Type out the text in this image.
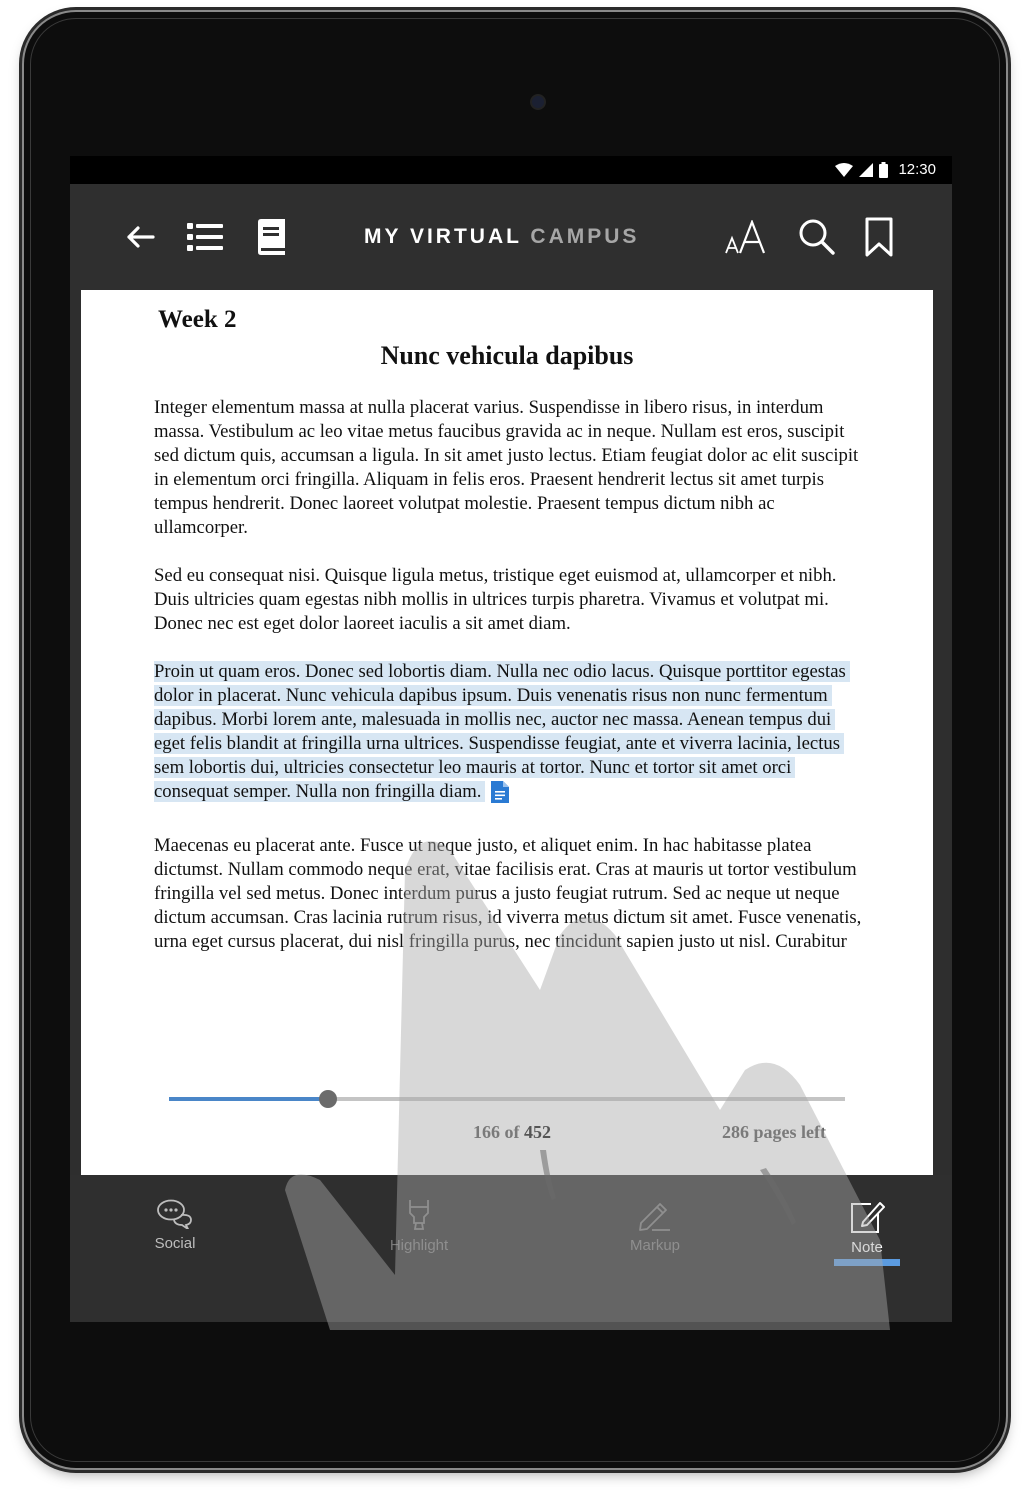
12:30
MY VIRTUAL CAMPUS
Week 2
Nunc vehicula dapibus

Integer elementum massa at nulla placerat varius. Suspendisse in libero risus, in interdum massa. Vestibulum ac leo vitae metus faucibus gravida ac in neque. Nullam est eros, suscipit sed dictum quis, accumsan a ligula. In sit amet justo lectus. Etiam feugiat dolor ac elit suscipit in elementum orci fringilla. Aliquam in felis eros. Praesent hendrerit lectus sit amet turpis tempus hendrerit. Donec laoreet volutpat molestie. Praesent tempus dictum nibh ac ullamcorper.

Sed eu consequat nisi. Quisque ligula metus, tristique eget euismod at, ullamcorper et nibh. Duis ultricies quam egestas nibh mollis in ultrices turpis pharetra. Vivamus et volutpat mi. Donec nec est eget dolor laoreet iaculis a sit amet diam.

Proin ut quam eros. Donec sed lobortis diam. Nulla nec odio lacus. Quisque porttitor egestas dolor in placerat. Nunc vehicula dapibus ipsum. Duis venenatis risus non nunc fermentum dapibus. Morbi lorem ante, malesuada in mollis nec, auctor nec massa. Aenean tempus dui eget felis blandit at fringilla urna ultrices. Suspendisse feugiat, ante et viverra lacinia, lectus sem lobortis dui, ultricies consectetur leo mauris at tortor. Nunc et tortor sit amet orci consequat semper. Nulla non fringilla diam.

Maecenas eu placerat ante. Fusce ut neque justo, et aliquet enim. In hac habitasse platea dictumst. Nullam commodo neque erat, vitae facilisis erat. Cras at mauris ut tortor vestibulum fringilla vel sed metus. Donec interdum purus a justo feugiat rutrum. Sed ac neque ut neque dictum accumsan. Cras lacinia rutrum risus, id viverra metus dictum sit amet. Fusce venenatis, urna eget cursus placerat, dui nisl fringilla purus, nec tincidunt sapien justo ut nisl. Curabitur

166 of 452	286 pages left
Social	Highlight	Markup	Note
